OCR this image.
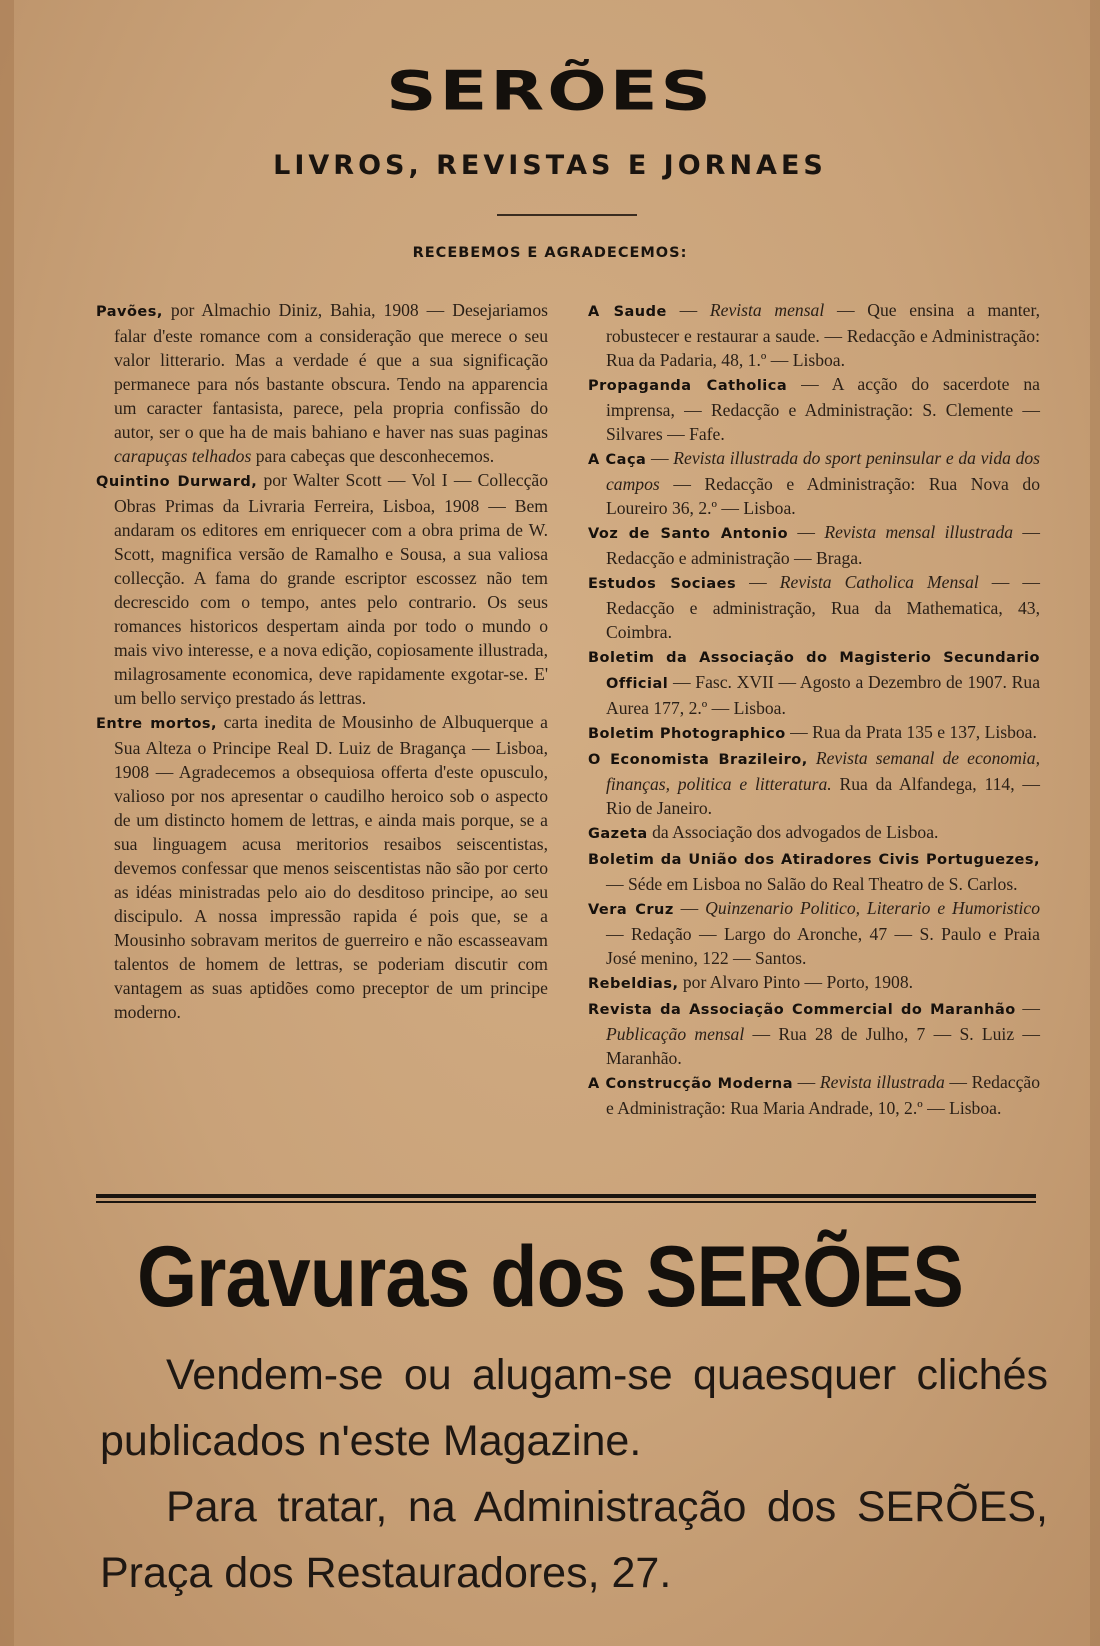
SERÕES
LIVROS, REVISTAS E JORNAES
RECEBEMOS E AGRADECEMOS:

Pavões, por Almachio Diniz, Bahia, 1908 — Desejariamos falar d'este romance com a consideração que merece o seu valor litterario. Mas a verdade é que a sua significação permanece para nós bastante obscura. Tendo na apparencia um caracter fantasista, parece, pela propria confissão do autor, ser o que ha de mais bahiano e haver nas suas paginas carapuças telhados para cabeças que desconhecemos.

Quintino Durward, por Walter Scott — Vol I — Collecção Obras Primas da Livraria Ferreira, Lisboa, 1908 — Bem andaram os editores em enriquecer com a obra prima de W. Scott, magnifica versão de Ramalho e Sousa, a sua valiosa collecção. A fama do grande escriptor escossez não tem decrescido com o tempo, antes pelo contrario. Os seus romances historicos despertam ainda por todo o mundo o mais vivo interesse, e a nova edição, copiosamente illustrada, milagrosamente economica, deve rapidamente exgotar-se. E' um bello serviço prestado ás lettras.

Entre mortos, carta inedita de Mousinho de Albuquerque a Sua Alteza o Principe Real D. Luiz de Bragança — Lisboa, 1908 — Agradecemos a obsequiosa offerta d'este opusculo, valioso por nos apresentar o caudilho heroico sob o aspecto de um distincto homem de lettras, e ainda mais porque, se a sua linguagem acusa meritorios resaibos seiscentistas, devemos confessar que menos seiscentistas não são por certo as idéas ministradas pelo aio do desditoso principe, ao seu discipulo. A nossa impressão rapida é pois que, se a Mousinho sobravam meritos de guerreiro e não escasseavam talentos de homem de lettras, se poderiam discutir com vantagem as suas aptidões como preceptor de um principe moderno.

A Saude — Revista mensal — Que ensina a manter, robustecer e restaurar a saude. — Redacção e Administração: Rua da Padaria, 48, 1.º — Lisboa.

Propaganda Catholica — A acção do sacerdote na imprensa, — Redacção e Administração: S. Clemente — Silvares — Fafe.

A Caça — Revista illustrada do sport peninsular e da vida dos campos — Redacção e Administração: Rua Nova do Loureiro 36, 2.º — Lisboa.

Voz de Santo Antonio — Revista mensal illustrada — Redacção e administração — Braga.

Estudos Sociaes — Revista Catholica Mensal — — Redacção e administração, Rua da Mathematica, 43, Coimbra.

Boletim da Associação do Magisterio Secundario Official — Fasc. XVII — Agosto a Dezembro de 1907. Rua Aurea 177, 2.º — Lisboa.

Boletim Photographico — Rua da Prata 135 e 137, Lisboa.

O Economista Brazileiro, Revista semanal de economia, finanças, politica e litteratura. Rua da Alfandega, 114, — Rio de Janeiro.

Gazeta da Associação dos advogados de Lisboa.

Boletim da União dos Atiradores Civis Portuguezes, — Séde em Lisboa no Salão do Real Theatro de S. Carlos.

Vera Cruz — Quinzenario Politico, Literario e Humoristico — Redação — Largo do Aronche, 47 — S. Paulo e Praia José menino, 122 — Santos.

Rebeldias, por Alvaro Pinto — Porto, 1908.

Revista da Associação Commercial do Maranhão — Publicação mensal — Rua 28 de Julho, 7 — S. Luiz — Maranhão.

A Construcção Moderna — Revista illustrada — Redacção e Administração: Rua Maria Andrade, 10, 2.º — Lisboa.

Gravuras dos SERÕES

Vendem-se ou alugam-se quaesquer clichés publicados n'este Magazine.

Para tratar, na Administração dos SERÕES, Praça dos Restauradores, 27.
